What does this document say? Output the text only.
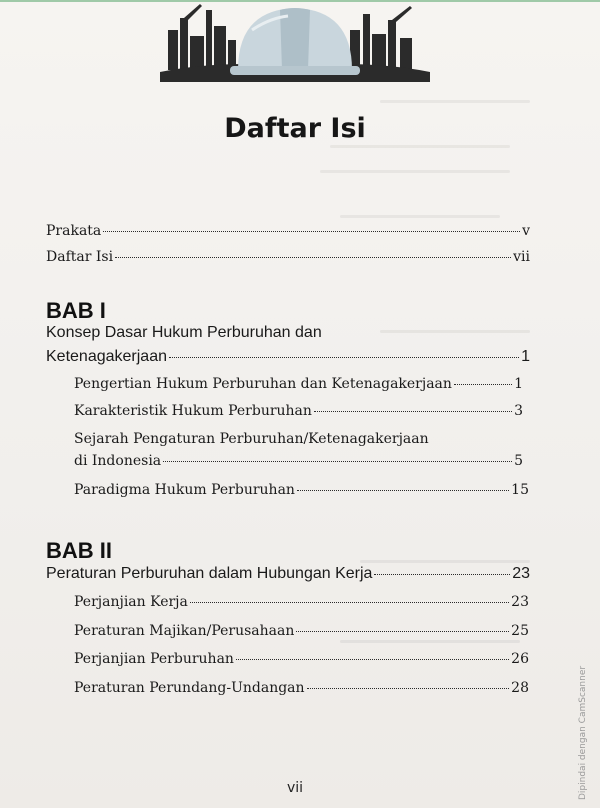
Daftar Isi
Prakata	v
Daftar Isi	vii
BAB I
Konsep Dasar Hukum Perburuhan dan
Ketenagakerjaan	1
Pengertian Hukum Perburuhan dan Ketenagakerjaan	1
Karakteristik Hukum Perburuhan	3
Sejarah Pengaturan Perburuhan/Ketenagakerjaan
di Indonesia	5
Paradigma Hukum Perburuhan	15
BAB II
Peraturan Perburuhan dalam Hubungan Kerja	23
Perjanjian Kerja	23
Peraturan Majikan/Perusahaan	25
Perjanjian Perburuhan	26
Peraturan Perundang-Undangan	28
vii	Dipindai dengan CamScanner
